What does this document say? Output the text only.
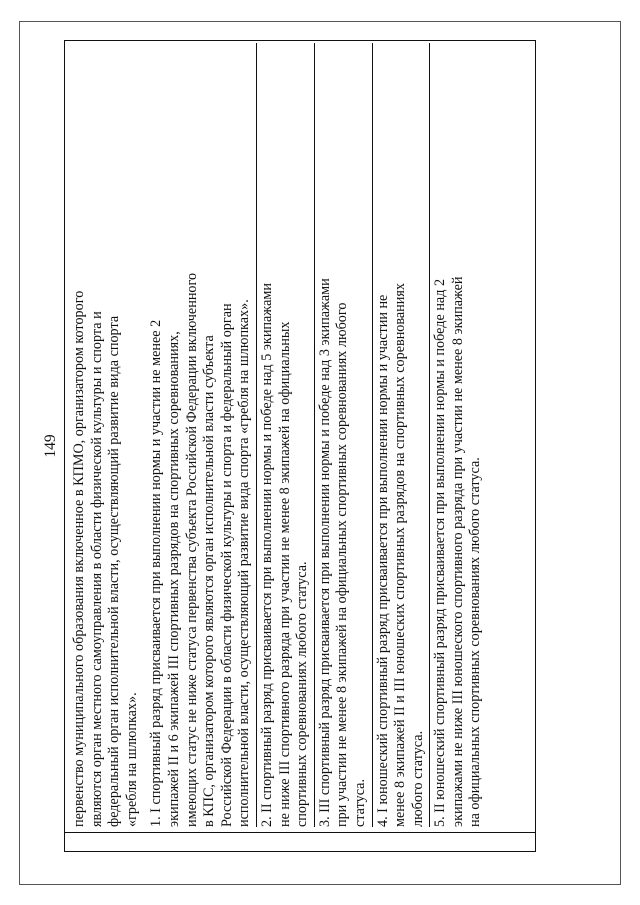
149 первенство муниципального образования включенное в КПМО, организатором которого являются орган местного самоуправления в области физической культуры и спорта и федеральный орган исполнительной власти, осуществляющий развитие вида спорта «гребля на шлюпках». 1. I спортивный разряд присваивается при выполнении нормы и участии не менее 2 экипажей II и 6 экипажей III спортивных разрядов на спортивных соревнованиях, имеющих статус не ниже статуса первенства субъекта Российской Федерации включенного в КПС, организатором которого являются орган исполнительной власти субъекта Российской Федерации в области физической культуры и спорта и федеральный орган исполнительной власти, осуществляющий развитие вида спорта «гребля на шлюпках». 2. II спортивный разряд присваивается при выполнении нормы и победе над 5 экипажами не ниже III спортивного разряда при участии не менее 8 экипажей на официальных спортивных соревнованиях любого статуса. 3. III спортивный разряд присваивается при выполнении нормы и победе над 3 экипажами при участии не менее 8 экипажей на официальных спортивных соревнованиях любого статуса. 4. I юношеский спортивный разряд присваивается при выполнении нормы и участии не менее 8 экипажей II и III юношеских спортивных разрядов на спортивных соревнованиях любого статуса. 5. II юношеский спортивный разряд присваивается при выполнении нормы и победе над 2 экипажами не ниже III юношеского спортивного разряда при участии не менее 8 экипажей на официальных спортивных соревнованиях любого статуса.
